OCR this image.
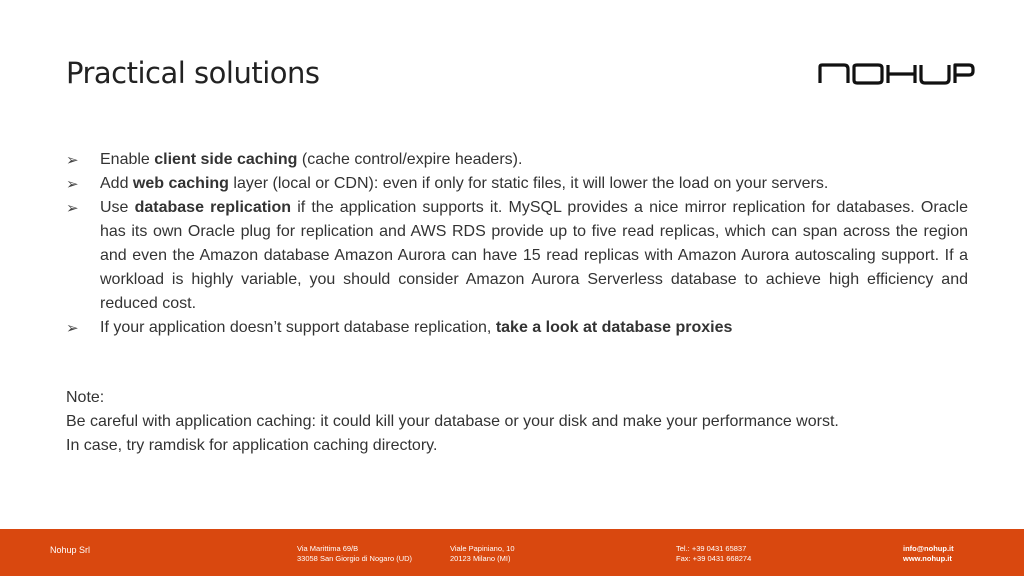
Practical solutions
➢ Enable client side caching (cache control/expire headers).
➢ Add web caching layer (local or CDN): even if only for static files, it will lower the load on your servers.
➢ Use database replication if the application supports it. MySQL provides a nice mirror replication for databases. Oracle has its own Oracle plug for replication and AWS RDS provide up to five read replicas, which can span across the region and even the Amazon database Amazon Aurora can have 15 read replicas with Amazon Aurora autoscaling support. If a workload is highly variable, you should consider Amazon Aurora Serverless database to achieve high efficiency and reduced cost.
➢ If your application doesn’t support database replication, take a look at database proxies
Note:
Be careful with application caching: it could kill your database or your disk and make your performance worst.
In case, try ramdisk for application caching directory.
Nohup Srl	Via Marittima 69/B
33058 San Giorgio di Nogaro (UD)
Viale Papiniano, 10
20123 Milano (MI)
Tel.: +39 0431 65837
Fax: +39 0431 668274
info@nohup.it
www.nohup.it
